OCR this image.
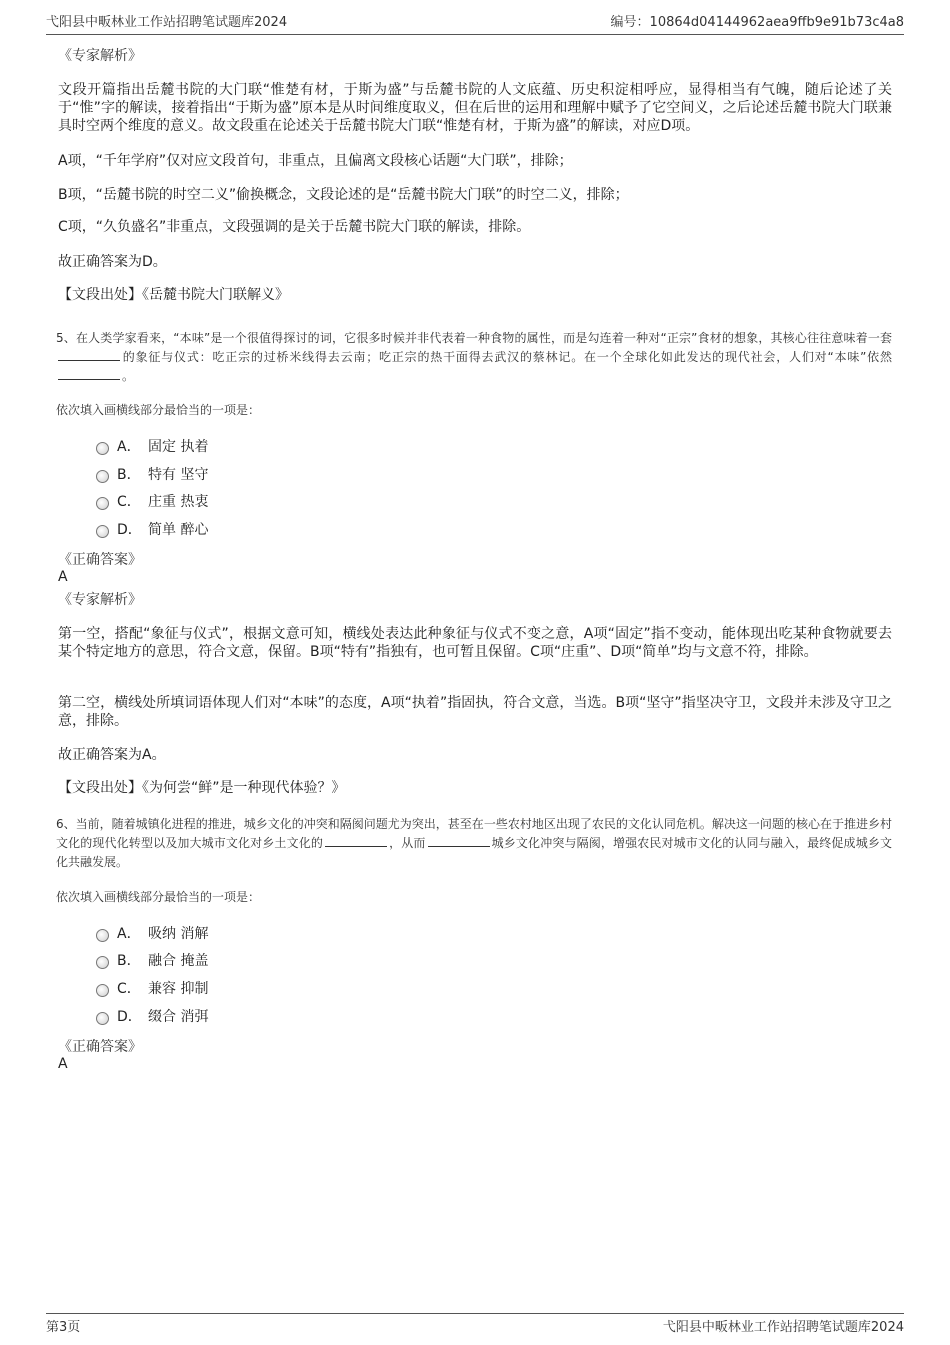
弋阳县中畈林业工作站招聘笔试题库2024	编号：10864d04144962aea9ffb9e91b73c4a8
《专家解析》
文段开篇指出岳麓书院的大门联“惟楚有材，于斯为盛”与岳麓书院的人文底蕴、历史积淀相呼应，显得相当有气魄，随后论述了关于“惟”字的解读，接着指出“于斯为盛”原本是从时间维度取义，但在后世的运用和理解中赋予了它空间义，之后论述岳麓书院大门联兼具时空两个维度的意义。故文段重在论述关于岳麓书院大门联“惟楚有材，于斯为盛”的解读，对应D项。
A项，“千年学府”仅对应文段首句，非重点，且偏离文段核心话题“大门联”，排除；
B项，“岳麓书院的时空二义”偷换概念，文段论述的是“岳麓书院大门联”的时空二义，排除；
C项，“久负盛名”非重点，文段强调的是关于岳麓书院大门联的解读，排除。
故正确答案为D。
【文段出处】《岳麓书院大门联解义》
5、在人类学家看来，“本味”是一个很值得探讨的词，它很多时候并非代表着一种食物的属性，而是勾连着一种对“正宗”食材的想象，其核心往往意味着一套的象征与仪式：吃正宗的过桥米线得去云南；吃正宗的热干面得去武汉的蔡林记。在一个全球化如此发达的现代社会，人们对“本味”依然。
依次填入画横线部分最恰当的一项是：
A． 固定 执着
B． 特有 坚守
C． 庄重 热衷
D． 简单 醉心
《正确答案》
A
《专家解析》
第一空，搭配“象征与仪式”，根据文意可知，横线处表达此种象征与仪式不变之意，A项“固定”指不变动，能体现出吃某种食物就要去某个特定地方的意思，符合文意，保留。B项“特有”指独有，也可暂且保留。C项“庄重”、D项“简单”均与文意不符，排除。
第二空，横线处所填词语体现人们对“本味”的态度，A项“执着”指固执，符合文意，当选。B项“坚守”指坚决守卫，文段并未涉及守卫之意，排除。
故正确答案为A。
【文段出处】《为何尝“鲜”是一种现代体验？》
6、当前，随着城镇化进程的推进，城乡文化的冲突和隔阂问题尤为突出，甚至在一些农村地区出现了农民的文化认同危机。解决这一问题的核心在于推进乡村文化的现代化转型以及加大城市文化对乡土文化的	，从而	城乡文化冲突与隔阂，增强农民对城市文化的认同与融入，最终促成城乡文化共融发展。
依次填入画横线部分最恰当的一项是：
A． 吸纳 消解
B． 融合 掩盖
C． 兼容 抑制
D． 缀合 消弭
《正确答案》
A
第3页	弋阳县中畈林业工作站招聘笔试题库2024
